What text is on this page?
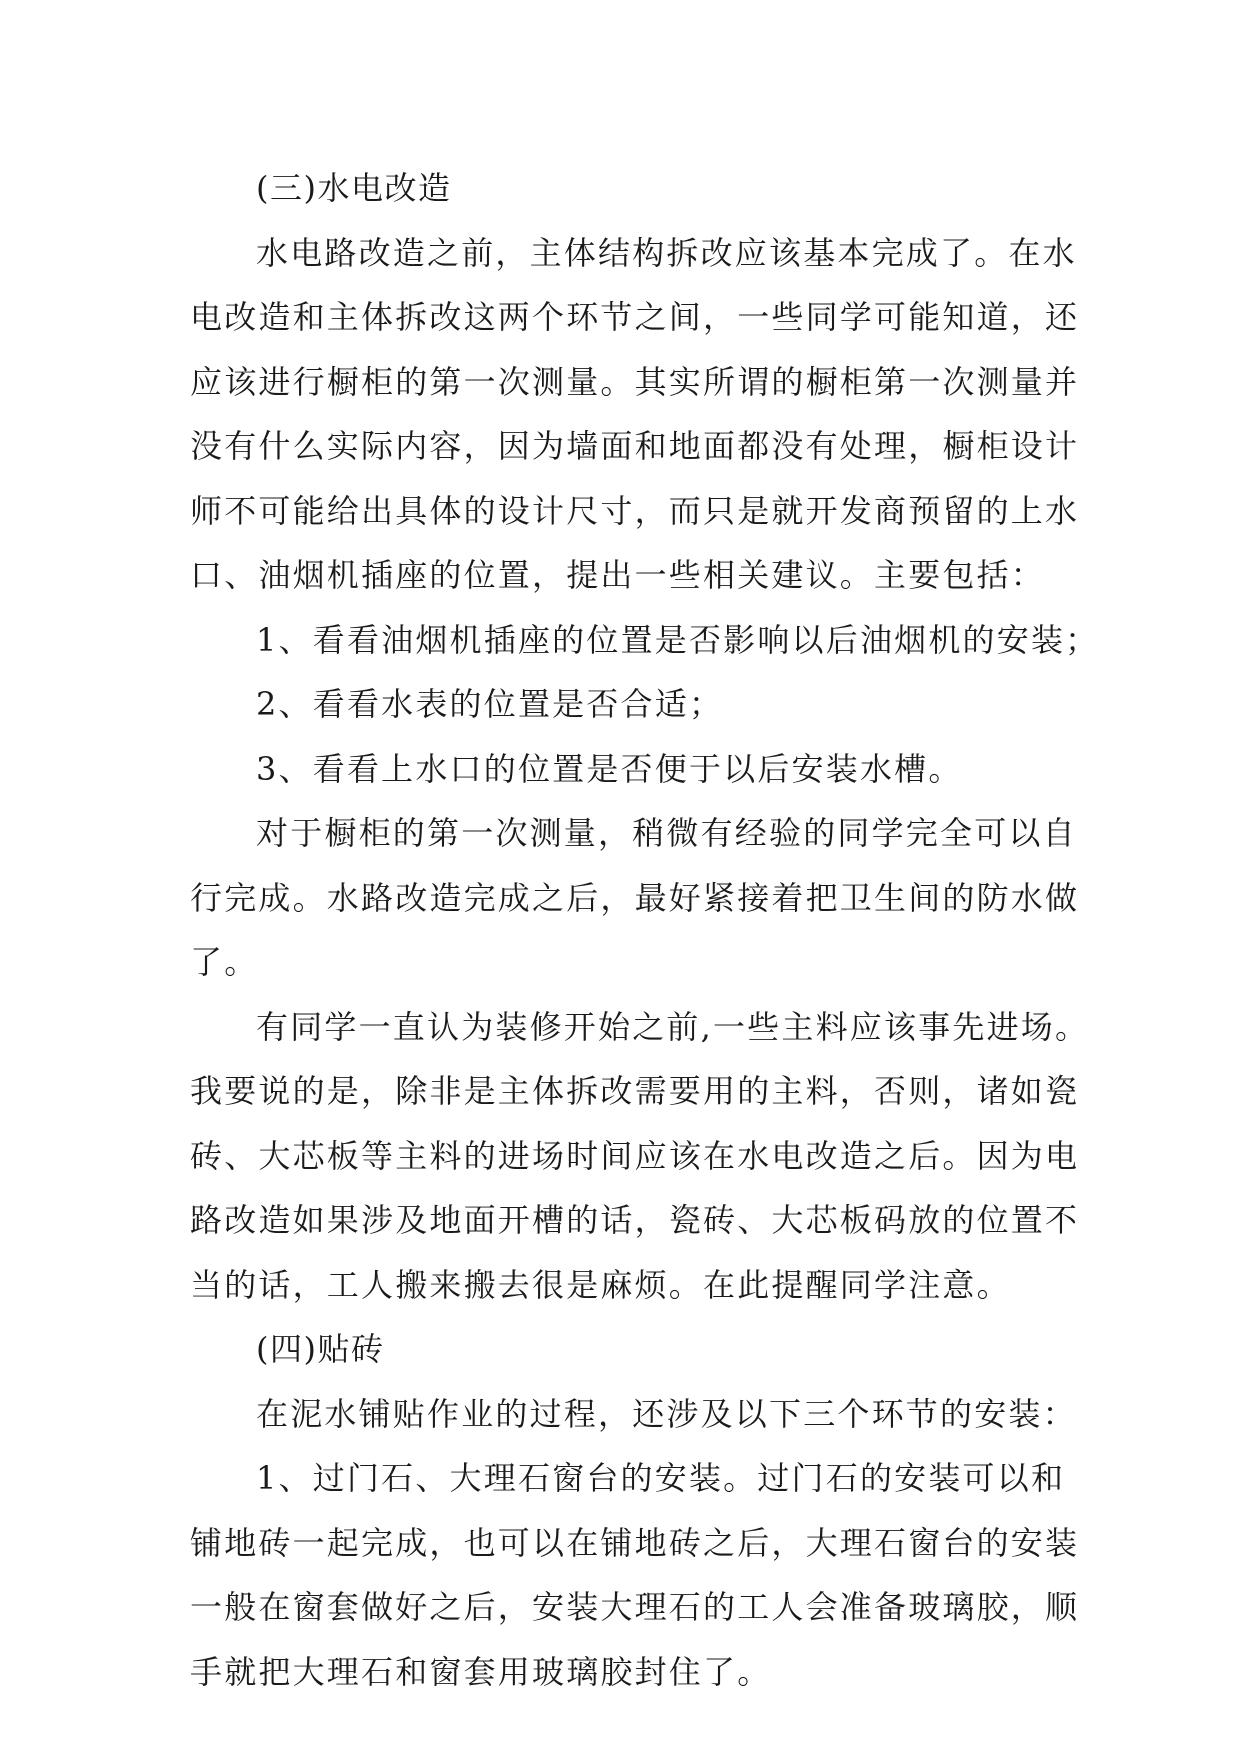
(三)水电改造
水电路改造之前，主体结构拆改应该基本完成了。在水
电改造和主体拆改这两个环节之间，一些同学可能知道，还
应该进行橱柜的第一次测量。其实所谓的橱柜第一次测量并
没有什么实际内容，因为墙面和地面都没有处理，橱柜设计
师不可能给出具体的设计尺寸，而只是就开发商预留的上水
口、油烟机插座的位置，提出一些相关建议。主要包括：
1、看看油烟机插座的位置是否影响以后油烟机的安装；
2、看看水表的位置是否合适；
3、看看上水口的位置是否便于以后安装水槽。
对于橱柜的第一次测量，稍微有经验的同学完全可以自
行完成。水路改造完成之后，最好紧接着把卫生间的防水做
了。
有同学一直认为装修开始之前,一些主料应该事先进场。
我要说的是，除非是主体拆改需要用的主料，否则，诸如瓷
砖、大芯板等主料的进场时间应该在水电改造之后。因为电
路改造如果涉及地面开槽的话，瓷砖、大芯板码放的位置不
当的话，工人搬来搬去很是麻烦。在此提醒同学注意。
(四)贴砖
在泥水铺贴作业的过程，还涉及以下三个环节的安装：
1、过门石、大理石窗台的安装。过门石的安装可以和
铺地砖一起完成，也可以在铺地砖之后，大理石窗台的安装
一般在窗套做好之后，安装大理石的工人会准备玻璃胶，顺
手就把大理石和窗套用玻璃胶封住了。
